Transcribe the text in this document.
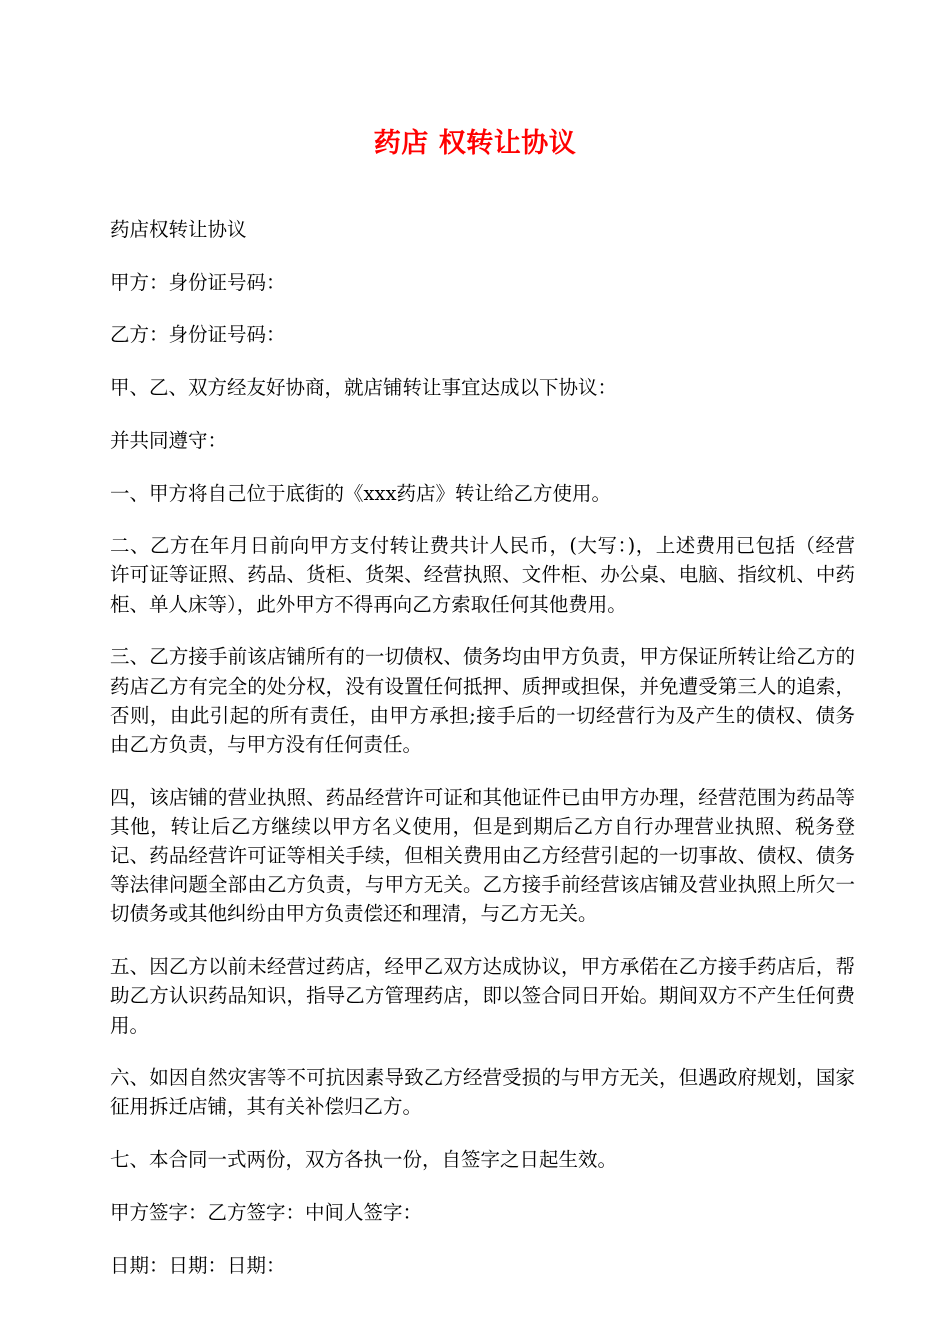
药店 权转让协议

药店权转让协议

甲方：身份证号码：

乙方：身份证号码：

甲、乙、双方经友好协商，就店铺转让事宜达成以下协议：

并共同遵守：

一、甲方将自己位于底街的《xxx药店》转让给乙方使用。

二、乙方在年月日前向甲方支付转让费共计人民币，(大写：)，上述费用已包括（经营许可证等证照、药品、货柜、货架、经营执照、文件柜、办公桌、电脑、指纹机、中药柜、单人床等），此外甲方不得再向乙方索取任何其他费用。

三、乙方接手前该店铺所有的一切债权、债务均由甲方负责，甲方保证所转让给乙方的药店乙方有完全的处分权，没有设置任何抵押、质押或担保，并免遭受第三人的追索，否则，由此引起的所有责任，由甲方承担;接手后的一切经营行为及产生的债权、债务由乙方负责，与甲方没有任何责任。

四，该店铺的营业执照、药品经营许可证和其他证件已由甲方办理，经营范围为药品等其他，转让后乙方继续以甲方名义使用，但是到期后乙方自行办理营业执照、税务登记、药品经营许可证等相关手续，但相关费用由乙方经营引起的一切事故、债权、债务等法律问题全部由乙方负责，与甲方无关。乙方接手前经营该店铺及营业执照上所欠一切债务或其他纠纷由甲方负责偿还和理清，与乙方无关。

五、因乙方以前未经营过药店，经甲乙双方达成协议，甲方承偌在乙方接手药店后，帮助乙方认识药品知识，指导乙方管理药店，即以签合同日开始。期间双方不产生任何费用。

六、如因自然灾害等不可抗因素导致乙方经营受损的与甲方无关，但遇政府规划，国家征用拆迁店铺，其有关补偿归乙方。

七、本合同一式两份，双方各执一份，自签字之日起生效。

甲方签字：乙方签字：中间人签字：

日期：日期：日期：
